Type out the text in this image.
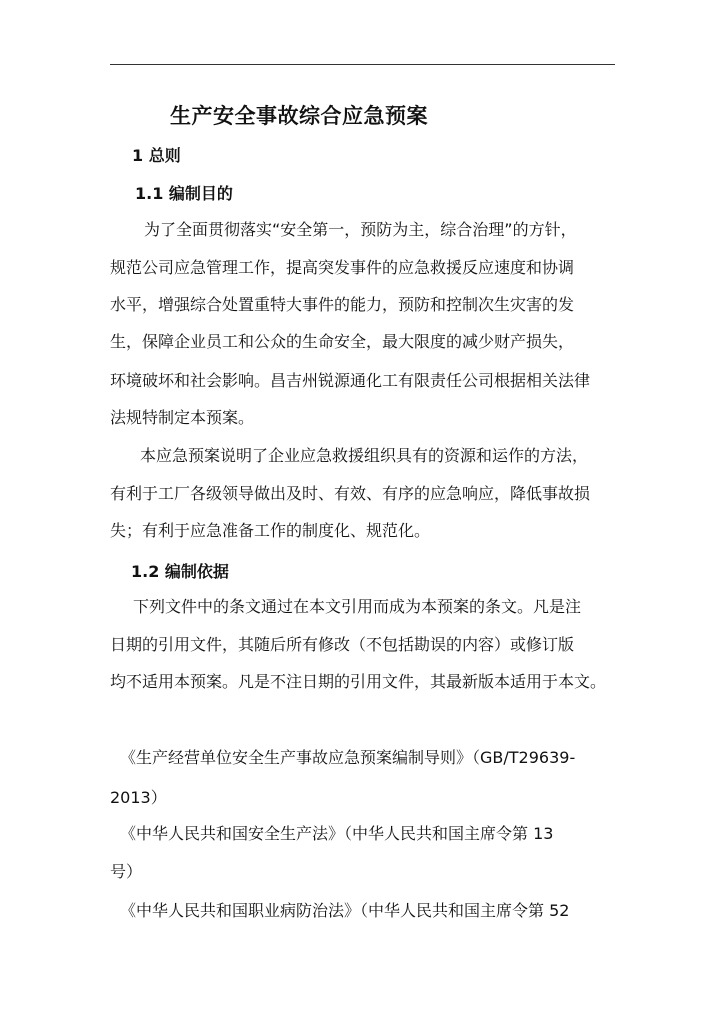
生产安全事故综合应急预案
1 总则
1.1 编制目的
为了全面贯彻落实“安全第一，预防为主，综合治理”的方针，
规范公司应急管理工作，提高突发事件的应急救援反应速度和协调
水平，增强综合处置重特大事件的能力，预防和控制次生灾害的发
生，保障企业员工和公众的生命安全，最大限度的减少财产损失，
环境破坏和社会影响。昌吉州锐源通化工有限责任公司根据相关法律
法规特制定本预案。
本应急预案说明了企业应急救援组织具有的资源和运作的方法，
有利于工厂各级领导做出及时、有效、有序的应急响应，降低事故损
失；有利于应急准备工作的制度化、规范化。
1.2 编制依据
下列文件中的条文通过在本文引用而成为本预案的条文。凡是注
日期的引用文件，其随后所有修改（不包括勘误的内容）或修订版
均不适用本预案。凡是不注日期的引用文件，其最新版本适用于本文。
《生产经营单位安全生产事故应急预案编制导则》（GB/T29639-
2013）
《中华人民共和国安全生产法》（中华人民共和国主席令第 13
号）
《中华人民共和国职业病防治法》（中华人民共和国主席令第 52
